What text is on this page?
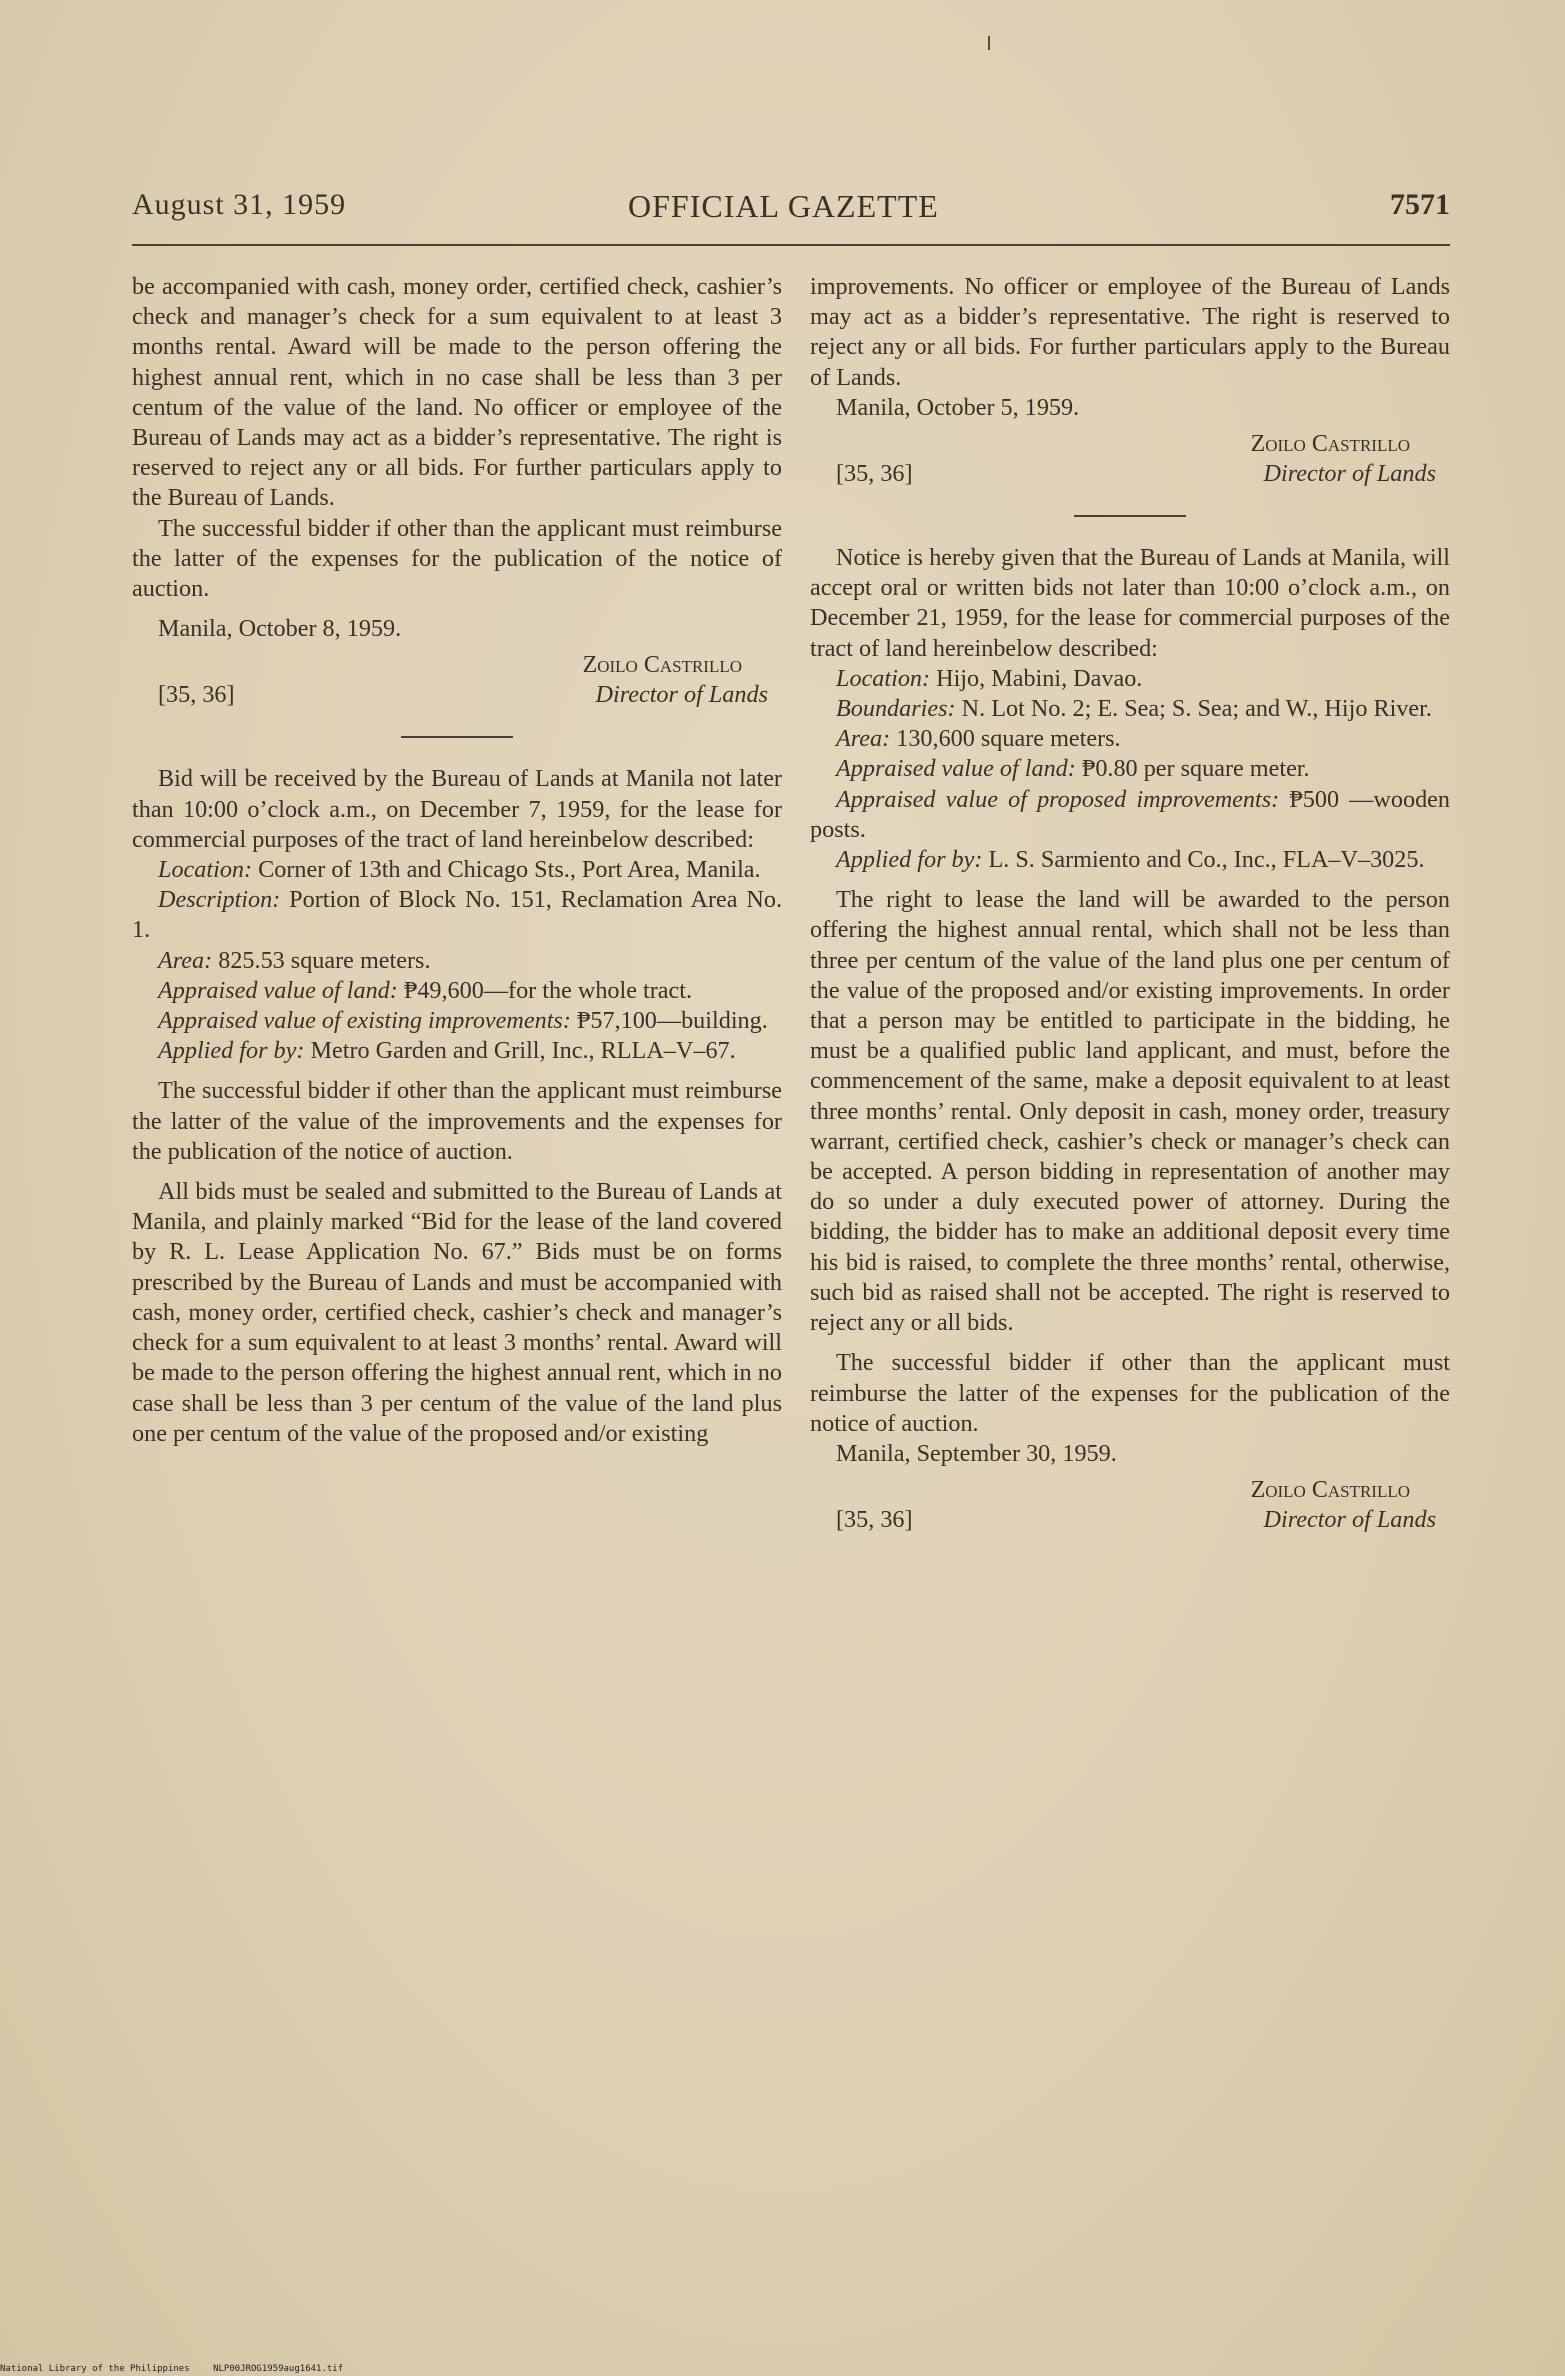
August 31, 1959	OFFICIAL GAZETTE	7571

be accompanied with cash, money order, certified check, cashier’s check and manager’s check for a sum equivalent to at least 3 months rental. Award will be made to the person offering the highest annual rent, which in no case shall be less than 3 per centum of the value of the land. No officer or employee of the Bureau of Lands may act as a bidder’s representative. The right is reserved to reject any or all bids. For further particulars apply to the Bureau of Lands.

The successful bidder if other than the applicant must reimburse the latter of the expenses for the publication of the notice of auction.

Manila, October 8, 1959.

Zoilo Castrillo
[35, 36]	Director of Lands

Bid will be received by the Bureau of Lands at Manila not later than 10:00 o’clock a.m., on December 7, 1959, for the lease for commercial purposes of the tract of land hereinbelow described:

Location: Corner of 13th and Chicago Sts., Port Area, Manila.

Description: Portion of Block No. 151, Reclamation Area No. 1.

Area: 825.53 square meters.

Appraised value of land: ₱49,600—for the whole tract.

Appraised value of existing improvements: ₱57,100—building.

Applied for by: Metro Garden and Grill, Inc., RLLA–V–67.

The successful bidder if other than the applicant must reimburse the latter of the value of the improvements and the expenses for the publication of the notice of auction.

All bids must be sealed and submitted to the Bureau of Lands at Manila, and plainly marked “Bid for the lease of the land covered by R. L. Lease Application No. 67.” Bids must be on forms prescribed by the Bureau of Lands and must be accompanied with cash, money order, certified check, cashier’s check and manager’s check for a sum equivalent to at least 3 months’ rental. Award will be made to the person offering the highest annual rent, which in no case shall be less than 3 per centum of the value of the land plus one per centum of the value of the proposed and/or existing

improvements. No officer or employee of the Bureau of Lands may act as a bidder’s representative. The right is reserved to reject any or all bids. For further particulars apply to the Bureau of Lands.

Manila, October 5, 1959.

Zoilo Castrillo
[35, 36]	Director of Lands

Notice is hereby given that the Bureau of Lands at Manila, will accept oral or written bids not later than 10:00 o’clock a.m., on December 21, 1959, for the lease for commercial purposes of the tract of land hereinbelow described:

Location: Hijo, Mabini, Davao.

Boundaries: N. Lot No. 2; E. Sea; S. Sea; and W., Hijo River.

Area: 130,600 square meters.

Appraised value of land: ₱0.80 per square meter.

Appraised value of proposed improvements: ₱500 —wooden posts.

Applied for by: L. S. Sarmiento and Co., Inc., FLA–V–3025.

The right to lease the land will be awarded to the person offering the highest annual rental, which shall not be less than three per centum of the value of the land plus one per centum of the value of the proposed and/or existing improvements. In order that a person may be entitled to participate in the bidding, he must be a qualified public land applicant, and must, before the commencement of the same, make a deposit equivalent to at least three months’ rental. Only deposit in cash, money order, treasury warrant, certified check, cashier’s check or manager’s check can be accepted. A person bidding in representation of another may do so under a duly executed power of attorney. During the bidding, the bidder has to make an additional deposit every time his bid is raised, to complete the three months’ rental, otherwise, such bid as raised shall not be accepted. The right is reserved to reject any or all bids.

The successful bidder if other than the applicant must reimburse the latter of the expenses for the publication of the notice of auction.

Manila, September 30, 1959.

Zoilo Castrillo
[35, 36]	Director of Lands
National Library of the Philippines	NLP00JROG1959aug1641.tif
